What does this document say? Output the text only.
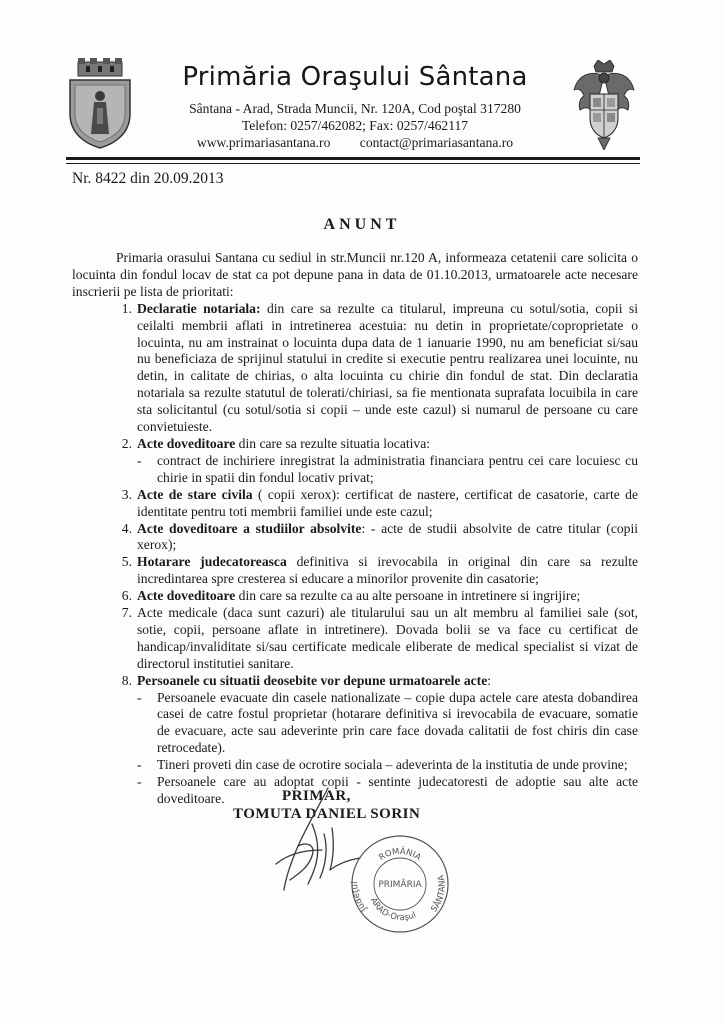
Primăria Oraşului Sântana
Sântana - Arad, Strada Muncii, Nr. 120A, Cod poştal 317280
Telefon: 0257/462082; Fax: 0257/462117
www.primariasantana.ro contact@primariasantana.ro
Nr. 8422 din 20.09.2013
ANUNT

Primaria orasului Santana cu sediul in str.Muncii nr.120 A, informeaza cetatenii care solicita o locuinta din fondul locav de stat ca pot depune pana in data de 01.10.2013, urmatoarele acte necesare inscrierii pe lista de prioritati:

1. Declaratie notariala: din care sa rezulte ca titularul, impreuna cu sotul/sotia, copii si ceilalti membrii aflati in intretinerea acestuia: nu detin in proprietate/coproprietate o locuinta, nu am instrainat o locuinta dupa data de 1 ianuarie 1990, nu am beneficiat si/sau nu beneficiaza de sprijinul statului in credite si executie pentru realizarea unei locuinte, nu detin, in calitate de chirias, o alta locuinta cu chirie din fondul de stat. Din declaratia notariala sa rezulte statutul de tolerati/chiriasi, sa fie mentionata suprafata locuibila in care sta solicitantul (cu sotul/sotia si copii – unde este cazul) si numarul de persoane cu care convietuieste.
2. Acte doveditoare din care sa rezulte situatia locativa:
- contract de inchiriere inregistrat la administratia financiara pentru cei care locuiesc cu chirie in spatii din fondul locativ privat;
3. Acte de stare civila ( copii xerox): certificat de nastere, certificat de casatorie, carte de identitate pentru toti membrii familiei unde este cazul;
4. Acte doveditoare a studiilor absolvite: - acte de studii absolvite de catre titular (copii xerox);
5. Hotarare judecatoreasca definitiva si irevocabila in original din care sa rezulte incredintarea spre cresterea si educare a minorilor provenite din casatorie;
6. Acte doveditoare din care sa rezulte ca au alte persoane in intretinere si ingrijire;
7. Acte medicale (daca sunt cazuri) ale titularului sau un alt membru al familiei sale (sot, sotie, copii, persoane aflate in intretinere). Dovada bolii se va face cu certificat de handicap/invaliditate si/sau certificate medicale eliberate de medical specialist si vizat de directorul institutiei sanitare.
8. Persoanele cu situatii deosebite vor depune urmatoarele acte:
- Persoanele evacuate din casele nationalizate – copie dupa actele care atesta dobandirea casei de catre fostul proprietar (hotarare definitiva si irevocabila de evacuare, somatie de evacuare, acte sau adeverinte prin care face dovada calitatii de fost chiris din case retrocedate).
- Tineri proveti din case de ocrotire sociala – adeverinta de la institutia de unde provine;
- Persoanele care au adoptat copii - sentinte judecatoresti de adoptie sau alte acte doveditoare.	PRIMAR,
TOMUTA DANIEL SORIN
ROMÂNIA
Judeţul
ARAD-Oraşul
SÂNTANA
PRIMĂRIA
